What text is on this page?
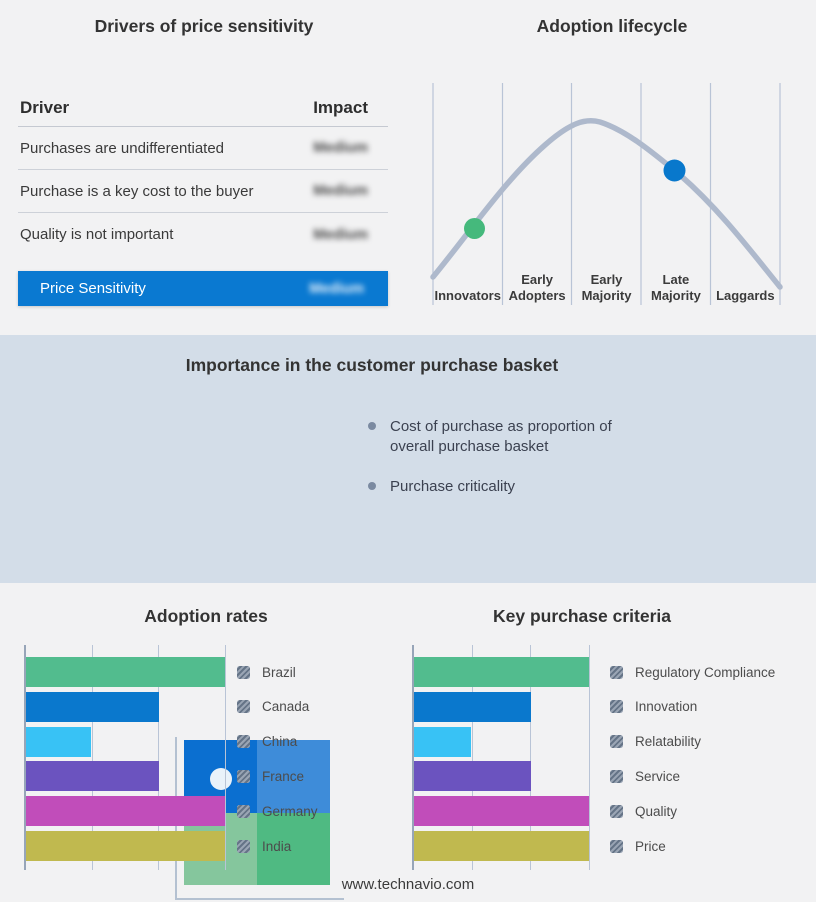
Drivers of price sensitivity
Driver	Impact
Purchases are undifferentiated	Medium
Purchase is a key cost to the buyer	Medium
Quality is not important	Medium
Price Sensitivity	Medium
Adoption lifecycle
Innovators
Early Adopters
Early Majority
Late Majority	Laggards
Importance in the customer purchase basket
Cost of purchase as proportion of overall purchase basket
Purchase criticality
Adoption rates
Brazil
Canada
China
France
Germany
India
Key purchase criteria
Regulatory Compliance
Innovation
Relatability
Service
Quality
Price
www.technavio.com
